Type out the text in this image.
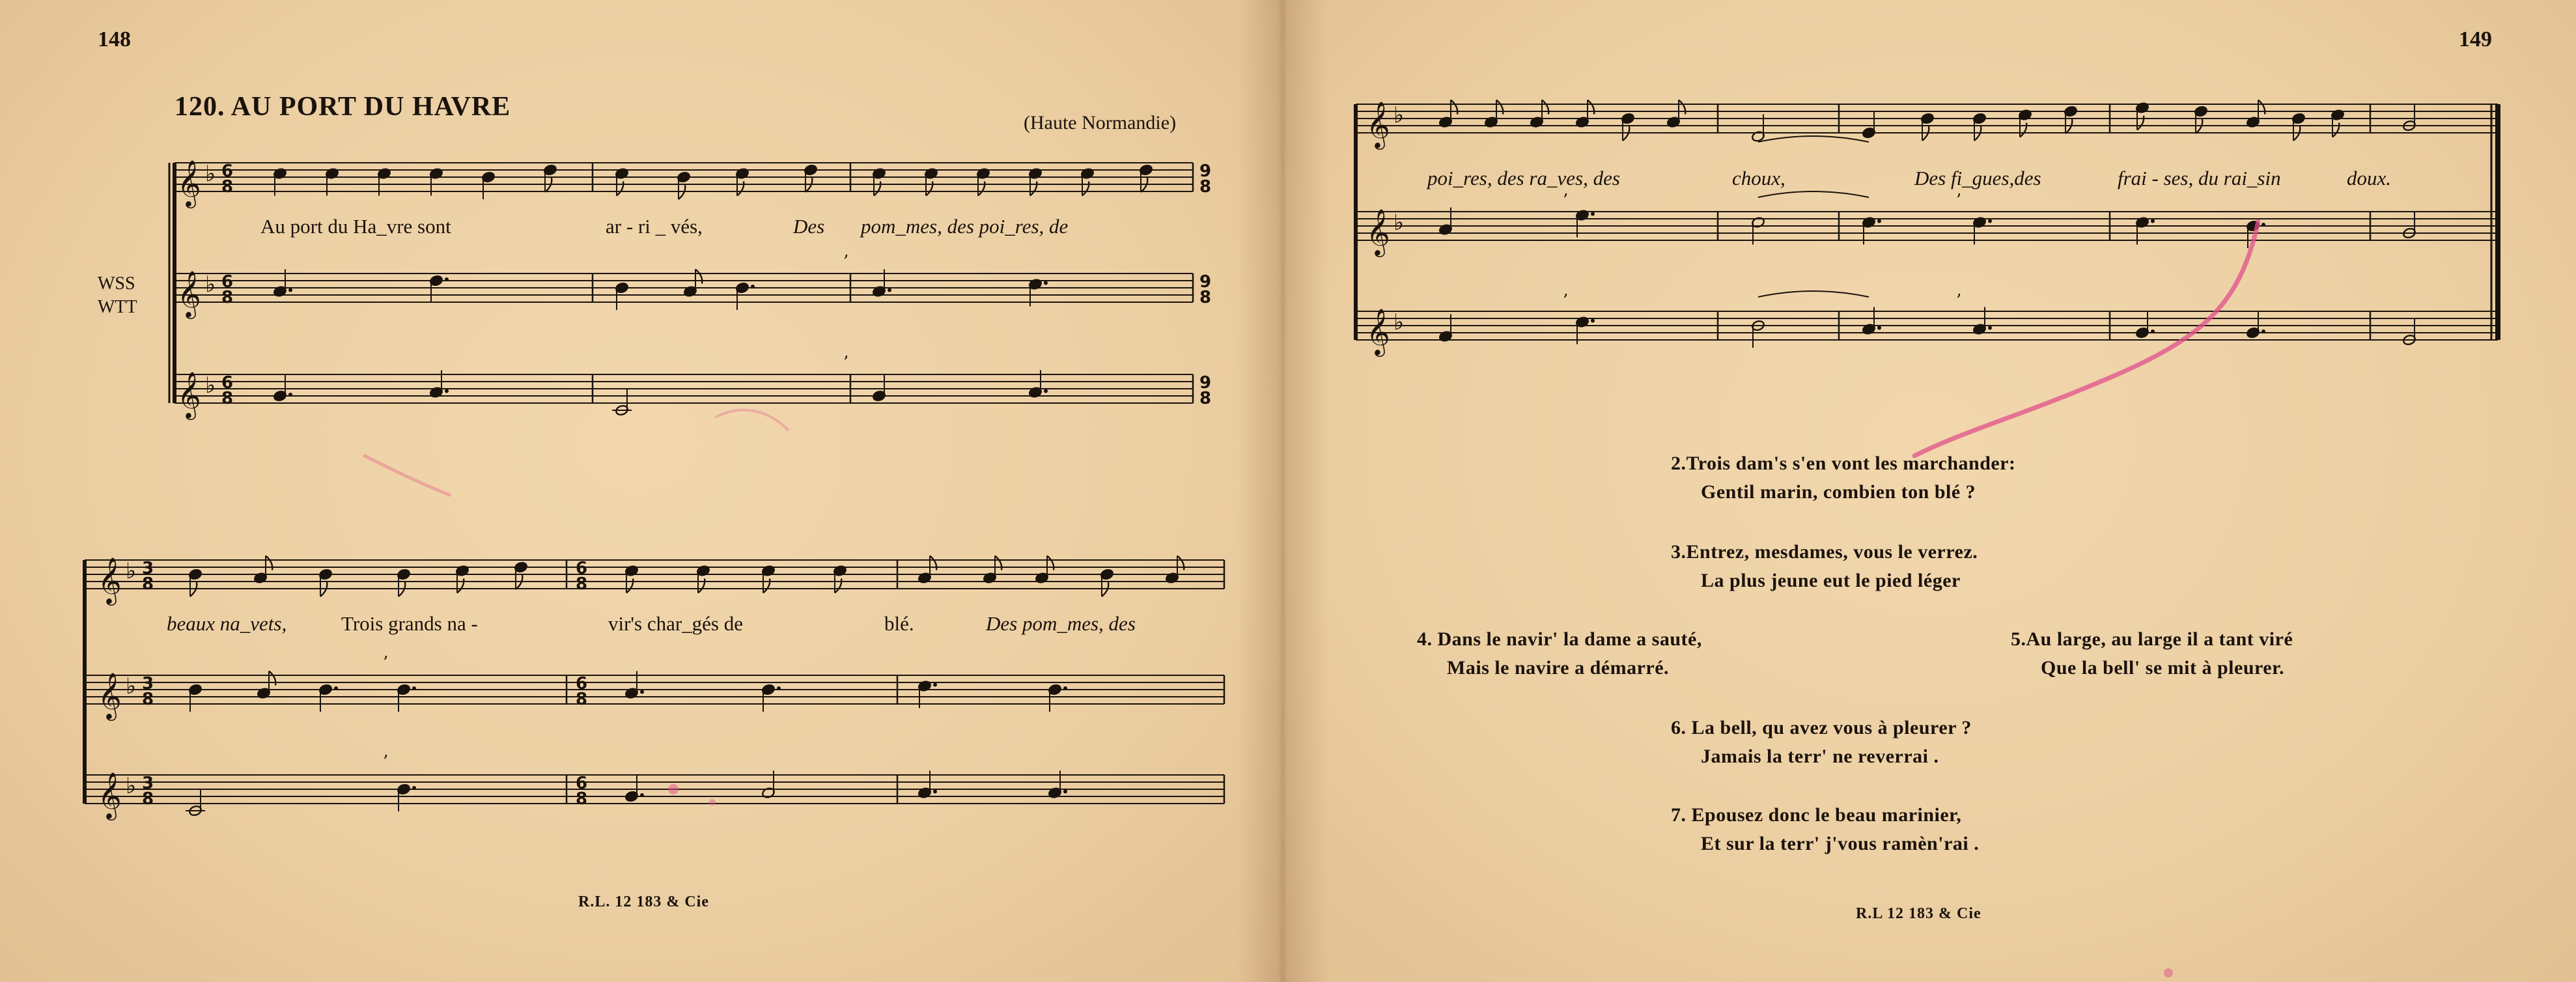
148	149
120. AU PORT DU HAVRE
(Haute Normandie)
WSS
WTT
𝄞 ♭ 6
8
𝄞 ♭ 6
8
𝄞 ♭ 6
8
9
8
9
8
9
8
’
’
𝄞 ♭ 3
8
𝄞 ♭ 3
8
𝄞 ♭ 3
8
6
8
6
8
6
8
’
’
𝄞 ♭
𝄞 ♭
𝄞 ♭
’	’
’	’
Au port du Ha_vre sont	ar - ri _ vés,	Des pom_mes, des poi_res, de
beaux na_vets,	Trois grands na -	vir's char_gés de	blé.	Des pom_mes, des
poi_res, des ra_ves, des	choux,	Des fi_gues,des	frai - ses, du rai_sin	doux.
2.Trois dam's s'en vont les marchander:
Gentil marin, combien ton blé ?
3.Entrez, mesdames, vous le verrez.
La plus jeune eut le pied léger
4. Dans le navir' la dame a sauté,
Mais le navire a démarré.
5.Au large, au large il a tant viré
Que la bell' se mit à pleurer.
6. La bell, qu avez vous à pleurer ?
Jamais la terr' ne reverrai .
7. Epousez donc le beau marinier,
Et sur la terr' j'vous ramèn'rai .
R.L. 12 183 & Cie
R.L 12 183 & Cie
